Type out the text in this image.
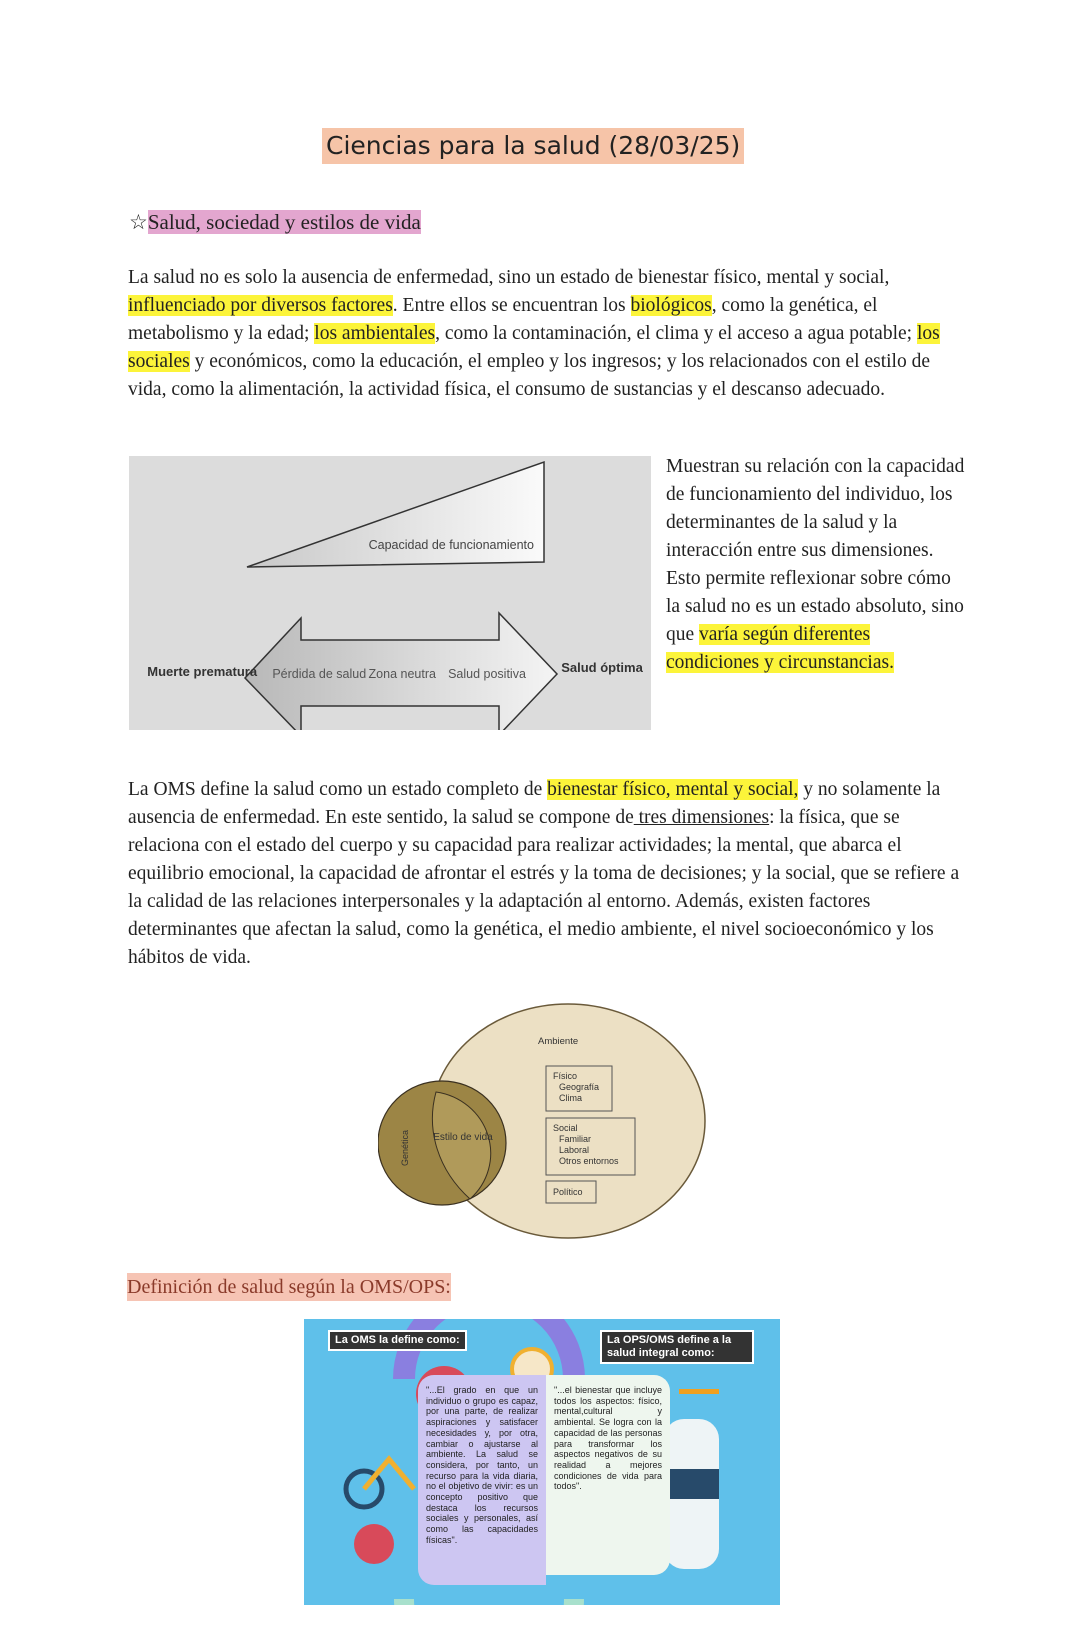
Ciencias para la salud (28/03/25)
☆Salud, sociedad y estilos de vida
La salud no es solo la ausencia de enfermedad, sino un estado de bienestar físico, mental y social, influenciado por diversos factores. Entre ellos se encuentran los biológicos, como la genética, el metabolismo y la edad; los ambientales, como la contaminación, el clima y el acceso a agua potable; los sociales y económicos, como la educación, el empleo y los ingresos; y los relacionados con el estilo de vida, como la alimentación, la actividad física, el consumo de sustancias y el descanso adecuado.
Capacidad de funcionamiento
Muerte prematura	Salud óptima
Pérdida de salud Zona neutra Salud positiva
Muestran su relación con la capacidad de funcionamiento del individuo, los determinantes de la salud y la interacción entre sus dimensiones. Esto permite reflexionar sobre cómo la salud no es un estado absoluto, sino que varía según diferentes condiciones y circunstancias.
La OMS define la salud como un estado completo de bienestar físico, mental y social, y no solamente la ausencia de enfermedad. En este sentido, la salud se compone de tres dimensiones: la física, que se relaciona con el estado del cuerpo y su capacidad para realizar actividades; la mental, que abarca el equilibrio emocional, la capacidad de afrontar el estrés y la toma de decisiones; y la social, que se refiere a la calidad de las relaciones interpersonales y la adaptación al entorno. Además, existen factores determinantes que afectan la salud, como la genética, el medio ambiente, el nivel socioeconómico y los hábitos de vida.
Ambiente
Genética Estilo de vida
Físico Geografía Clima
Social Familiar Laboral Otros entornos
Político
Definición de salud según la OMS/OPS:
La OMS la define como:	La OPS/OMS define a la salud integral como:
"...El grado en que un individuo o grupo es capaz, por una parte, de realizar aspiraciones y satisfacer necesidades y, por otra, cambiar o ajustarse al ambiente. La salud se considera, por tanto, un recurso para la vida diaria, no el objetivo de vivir: es un concepto positivo que destaca los recursos sociales y personales, así como las capacidades físicas".
"...el bienestar que incluye todos los aspectos: físico, mental,cultural y ambiental. Se logra con la capacidad de las personas para transformar los aspectos negativos de su realidad a mejores condiciones de vida para todos".
